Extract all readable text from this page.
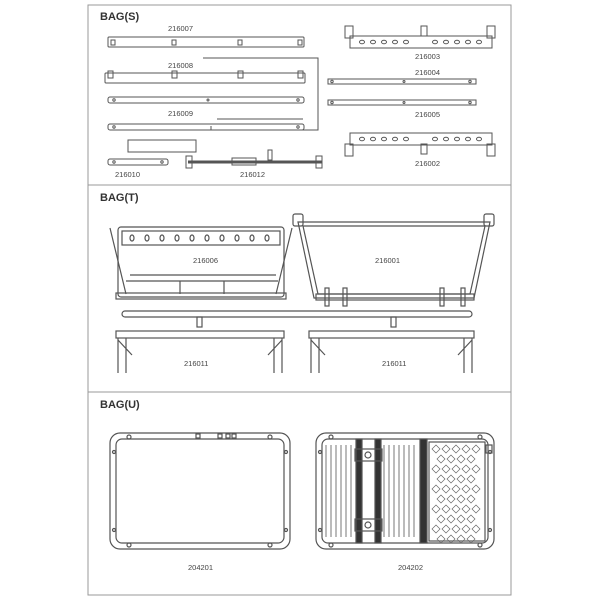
BAG(S)
BAG(T)
BAG(U)
216007
216008
216009
216010	216012
216003
216004
216005
216002
216006	216001
216011	216011
204201	204202
